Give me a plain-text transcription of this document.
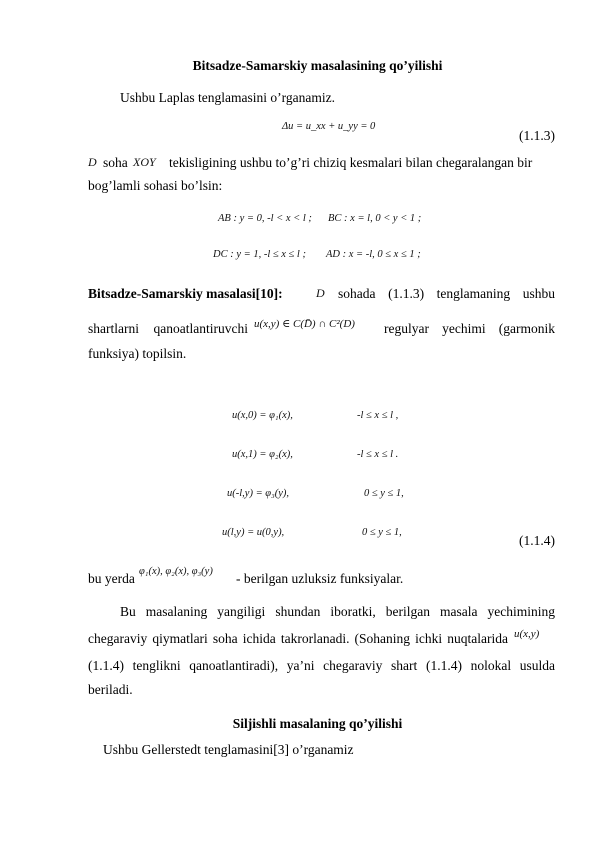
Bitsadze-Samarskiy masalasining qo’yilishi
Ushbu Laplas tenglamasini o’rganamiz.
Δu = u_xx + u_yy = 0
(1.1.3)
D soha XOY tekisligining ushbu to’g’ri chiziq kesmalari bilan chegaralangan bir
bog’lamli sohasi bo’lsin:
AB : y = 0, -l < x < l ; BC : x = l, 0 < y < 1 ;
DC : y = 1, -l ≤ x ≤ l ; AD : x = -l, 0 ≤ x ≤ 1 ;
Bitsadze-Samarskiy masalasi[10]:	D sohada (1.1.3) tenglamaning ushbu
shartlarni qanoatlantiruvchi u(x,y) ∈ C(D̄) ∩ C²(D) regulyar yechimi (garmonik
funksiya) topilsin.
u(x,0) = φ₁(x),	-l ≤ x ≤ l ,
u(x,1) = φ₂(x),	-l ≤ x ≤ l .
u(-l,y) = φ₃(y),	0 ≤ y ≤ 1,
u(l,y) = u(0,y),	0 ≤ y ≤ 1,
(1.1.4)
bu yerda φ₁(x), φ₂(x), φ₃(y) - berilgan uzluksiz funksiyalar.
Bu masalaning yangiligi shundan iboratki, berilgan masala yechimining
chegaraviy qiymatlari soha ichida takrorlanadi. (Sohaning ichki nuqtalarida u(x,y)
(1.1.4) tenglikni qanoatlantiradi), ya’ni chegaraviy shart (1.1.4) nolokal usulda
beriladi.
Siljishli masalaning qo’yilishi
Ushbu Gellerstedt tenglamasini[3] o’rganamiz
